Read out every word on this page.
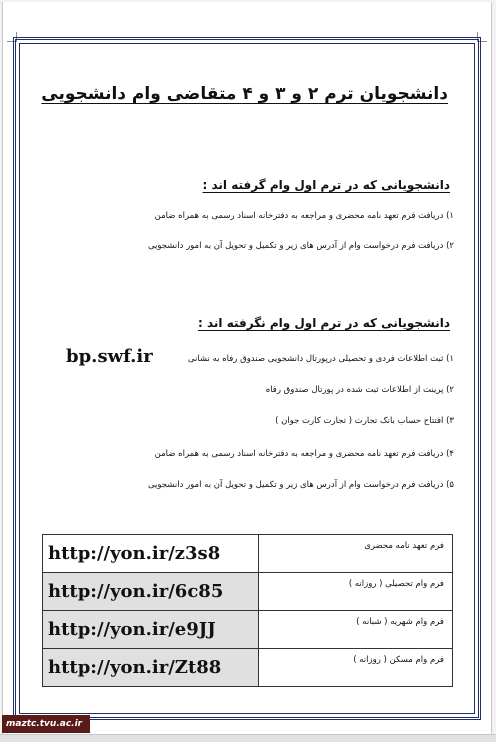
دانشجویان ترم ۲ و ۳ و ۴ متقاضی وام دانشجویی
دانشجویانی که در ترم اول وام گرفته اند :
۱) دریافت فرم تعهد نامه محضری و مراجعه به دفترخانه اسناد رسمی به همراه ضامن
۲) دریافت فرم درخواست وام از آدرس های زیر و تکمیل و تحویل آن به امور دانشجویی
دانشجویانی که در ترم اول وام نگرفته اند :
۱) ثبت اطلاعات فردی و تحصیلی درپورتال دانشجویی صندوق رفاه به نشانی
bp.swf.ir
۲) پرینت از اطلاعات ثبت شده در پورتال صندوق رفاه
۳) افتتاح حساب بانک تجارت ( تجارت کارت جوان )
۴) دریافت فرم تعهد نامه محضری و مراجعه به دفترخانه اسناد رسمی به همراه ضامن
۵) دریافت فرم درخواست وام از آدرس های زیر و تکمیل و تحویل آن به امور دانشجویی
http://yon.ir/z3s8	فرم تعهد نامه محضری
http://yon.ir/6c85	فرم وام تحصیلی ( روزانه )
http://yon.ir/e9JJ	فرم وام شهریه ( شبانه )
http://yon.ir/Zt88	فرم وام مسکن ( روزانه )
maztc.tvu.ac.ir
